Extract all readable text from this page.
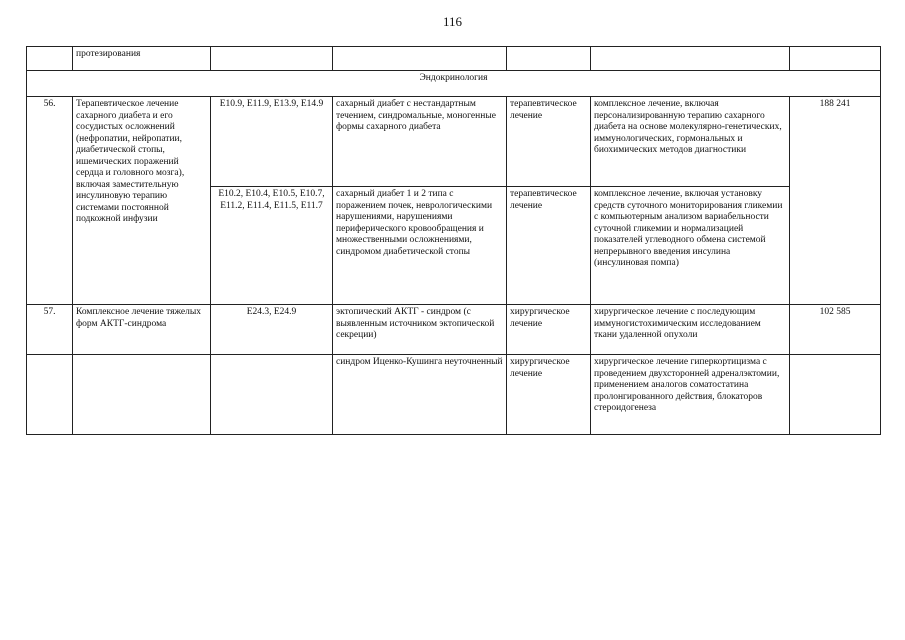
116
	протезирования					
Эндокринология						
56.	Терапевтическое лечение сахарного диабета и его сосудистых осложнений (нефропатии, нейропатии, диабетической стопы, ишемических поражений сердца и головного мозга), включая заместительную инсулиновую терапию системами постоянной подкожной инфузии	E10.9, E11.9, E13.9, E14.9	сахарный диабет с нестандартным течением, синдромальные, моногенные формы сахарного диабета	терапевтическое лечение	комплексное лечение, включая персонализированную терапию сахарного диабета на основе молекулярно-генетических, иммунологических, гормональных и биохимических методов диагностики	188 241
		E10.2, E10.4, E10.5, E10.7, E11.2, E11.4, E11.5, E11.7	сахарный диабет 1 и 2 типа с поражением почек, неврологическими нарушениями, нарушениями периферического кровообращения и множественными осложнениями, синдромом диабетической стопы	терапевтическое лечение	комплексное лечение, включая установку средств суточного мониторирования гликемии с компьютерным анализом вариабельности суточной гликемии и нормализацией показателей углеводного обмена системой непрерывного введения инсулина (инсулиновая помпа)	
57.	Комплексное лечение тяжелых форм АКТГ-синдрома	E24.3, E24.9	эктопический АКТГ - синдром (с выявленным источником эктопической секреции)	хирургическое лечение	хирургическое лечение с последующим иммуногистохимическим исследованием ткани удаленной опухоли	102 585
			синдром Иценко-Кушинга неуточненный	хирургическое лечение	хирургическое лечение гиперкортицизма с проведением двухсторонней адреналэктомии, применением аналогов соматостатина пролонгированного действия, блокаторов стероидогенеза	
